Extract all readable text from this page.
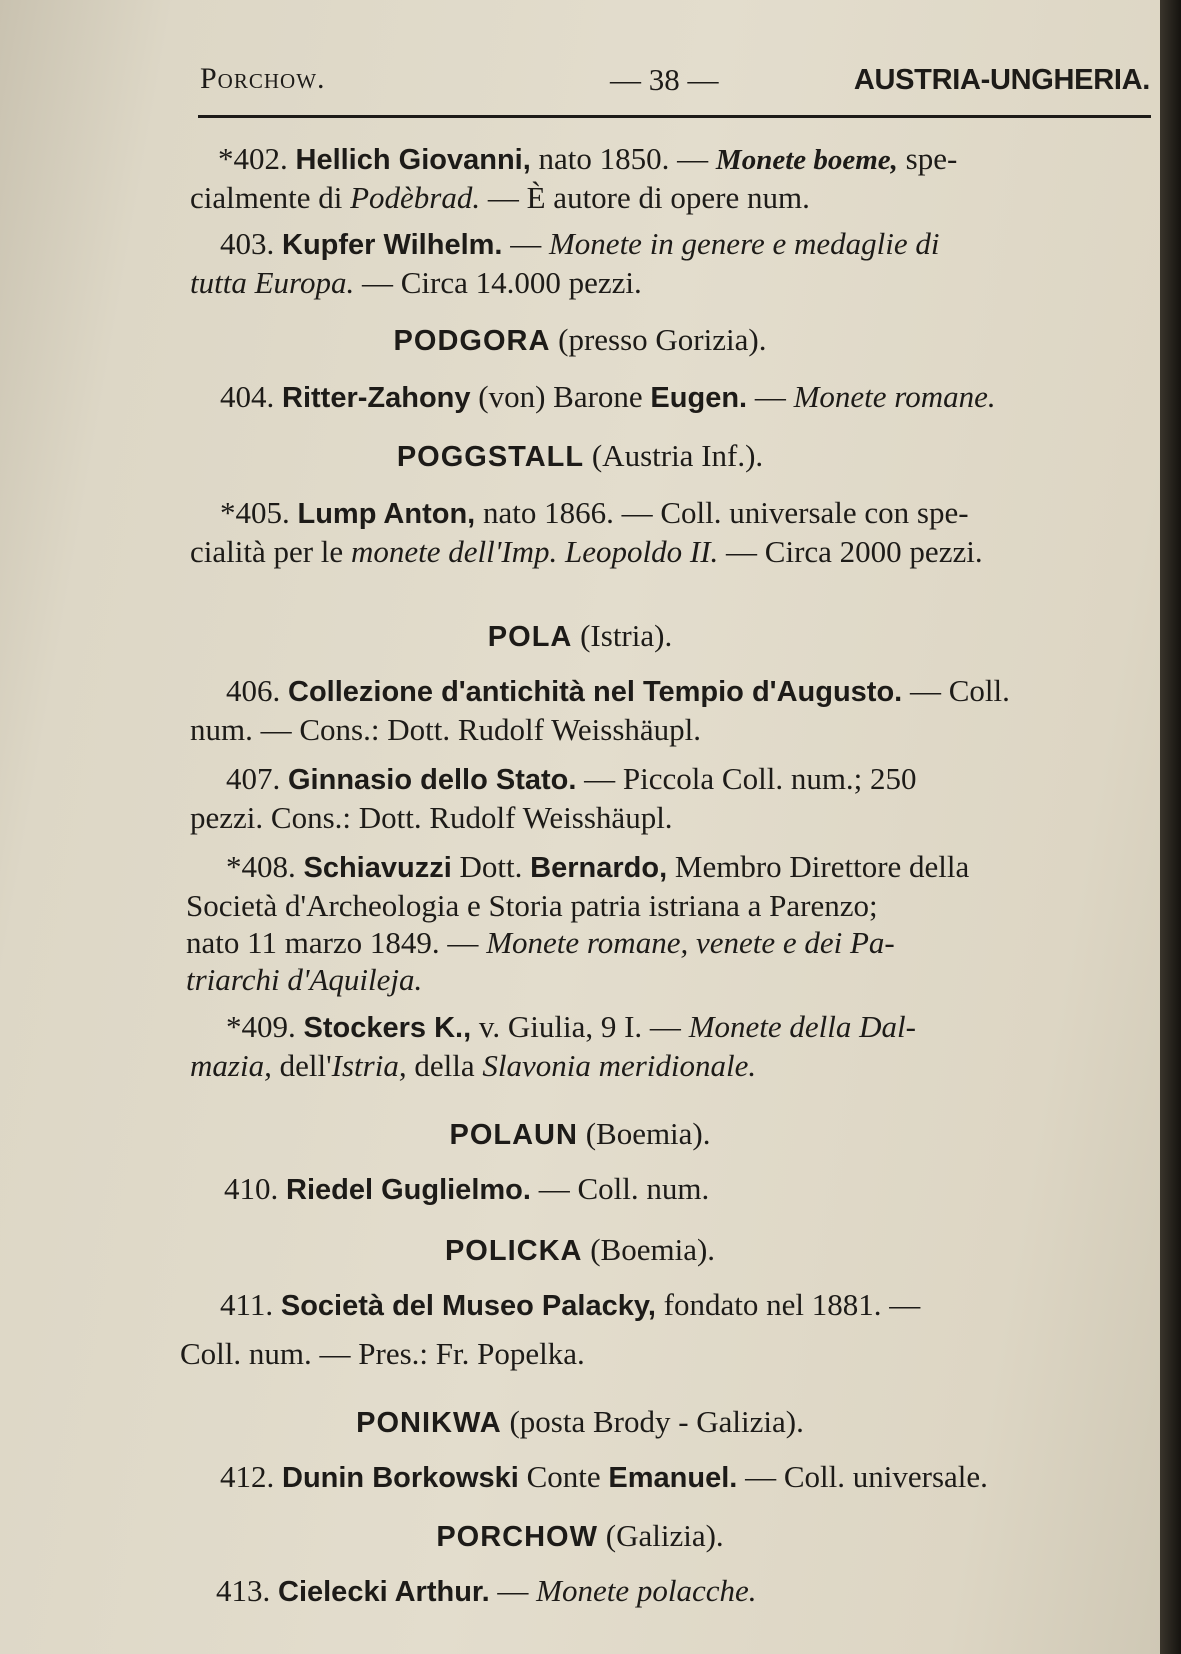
Porchow.	— 38 —	AUSTRIA-UNGHERIA.
*402. Hellich Giovanni, nato 1850. — Monete boeme, spe-
cialmente di Podèbrad. — È autore di opere num.
403. Kupfer Wilhelm. — Monete in genere e medaglie di
tutta Europa. — Circa 14.000 pezzi.
PODGORA (presso Gorizia).
404. Ritter-Zahony (von) Barone Eugen. — Monete romane.
POGGSTALL (Austria Inf.).
*405. Lump Anton, nato 1866. — Coll. universale con spe-
cialità per le monete dell'Imp. Leopoldo II. — Circa 2000 pezzi.
POLA (Istria).
406. Collezione d'antichità nel Tempio d'Augusto. — Coll.
num. — Cons.: Dott. Rudolf Weisshäupl.
407. Ginnasio dello Stato. — Piccola Coll. num.; 250
pezzi. Cons.: Dott. Rudolf Weisshäupl.
*408. Schiavuzzi Dott. Bernardo, Membro Direttore della
Società d'Archeologia e Storia patria istriana a Parenzo;
nato 11 marzo 1849. — Monete romane, venete e dei Pa-
triarchi d'Aquileja.
*409. Stockers K., v. Giulia, 9 I. — Monete della Dal-
mazia, dell'Istria, della Slavonia meridionale.
POLAUN (Boemia).
410. Riedel Guglielmo. — Coll. num.
POLICKA (Boemia).
411. Società del Museo Palacky, fondato nel 1881. —
Coll. num. — Pres.: Fr. Popelka.
PONIKWA (posta Brody - Galizia).
412. Dunin Borkowski Conte Emanuel. — Coll. universale.
PORCHOW (Galizia).
413. Cielecki Arthur. — Monete polacche.
